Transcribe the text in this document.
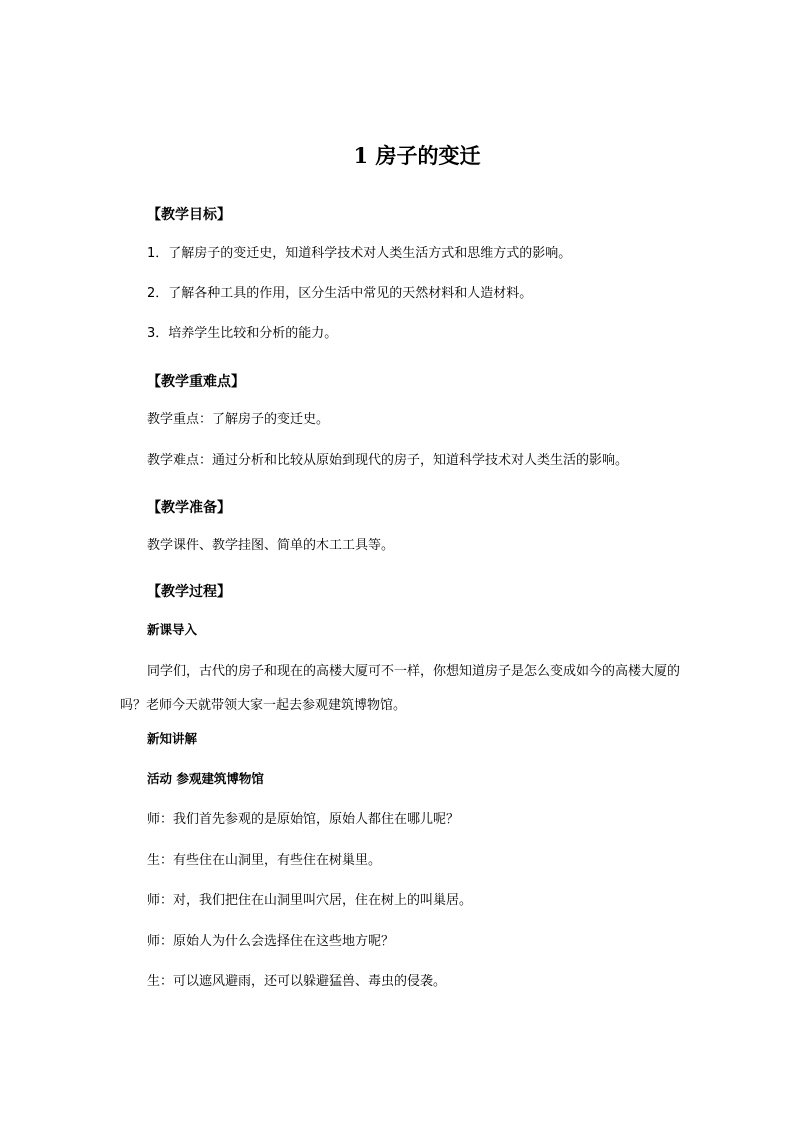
1 房子的变迁
【教学目标】
1．了解房子的变迁史，知道科学技术对人类生活方式和思维方式的影响。
2．了解各种工具的作用，区分生活中常见的天然材料和人造材料。
3．培养学生比较和分析的能力。
【教学重难点】
教学重点：了解房子的变迁史。
教学难点：通过分析和比较从原始到现代的房子，知道科学技术对人类生活的影响。
【教学准备】
教学课件、教学挂图、简单的木工工具等。
【教学过程】
新课导入
同学们，古代的房子和现在的高楼大厦可不一样，你想知道房子是怎么变成如今的高楼大厦的吗？老师今天就带领大家一起去参观建筑博物馆。
新知讲解
活动 参观建筑博物馆
师：我们首先参观的是原始馆，原始人都住在哪儿呢？
生：有些住在山洞里，有些住在树巢里。
师：对，我们把住在山洞里叫穴居，住在树上的叫巢居。
师：原始人为什么会选择住在这些地方呢？
生：可以遮风避雨，还可以躲避猛兽、毒虫的侵袭。
